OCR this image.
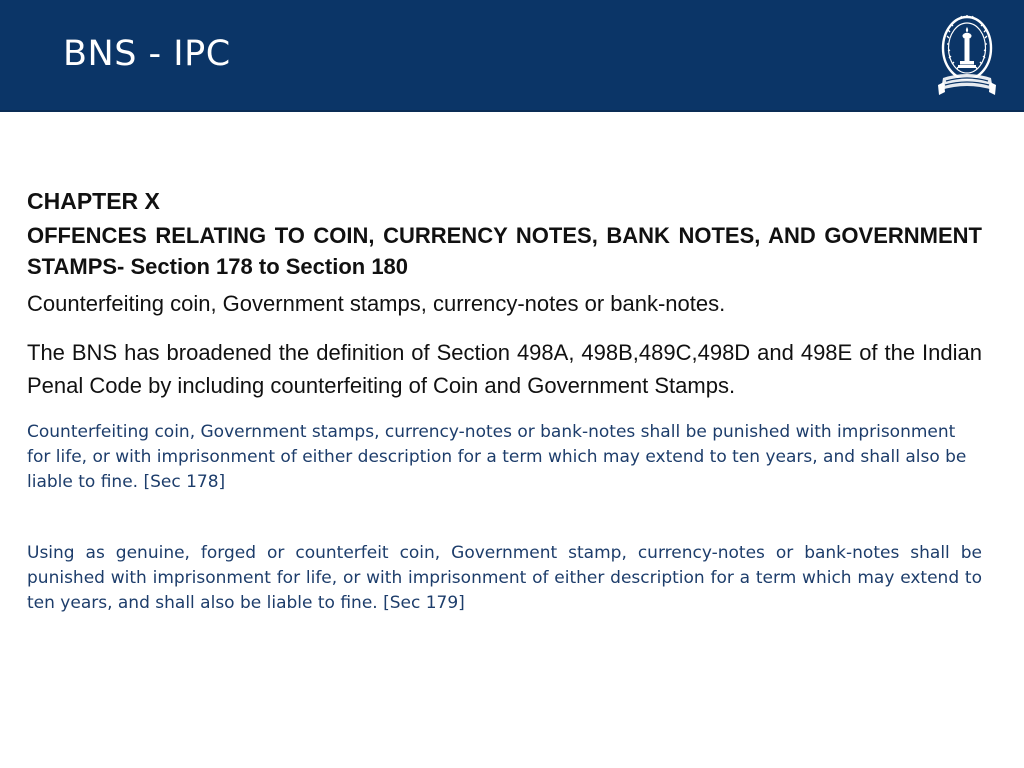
BNS - IPC

CHAPTER X

OFFENCES RELATING TO COIN, CURRENCY NOTES, BANK NOTES, AND GOVERNMENT STAMPS- Section 178 to Section 180

Counterfeiting coin, Government stamps, currency-notes or bank-notes.

The BNS has broadened the definition of Section 498A, 498B,489C,498D and 498E of the Indian Penal Code by including counterfeiting of Coin and Government Stamps.

Counterfeiting coin, Government stamps, currency-notes or bank-notes shall be punished with imprisonment for life, or with imprisonment of either description for a term which may extend to ten years, and shall also be liable to fine. [Sec 178]

Using as genuine, forged or counterfeit coin, Government stamp, currency-notes or bank-notes shall be punished with imprisonment for life, or with imprisonment of either description for a term which may extend to ten years, and shall also be liable to fine. [Sec 179]
